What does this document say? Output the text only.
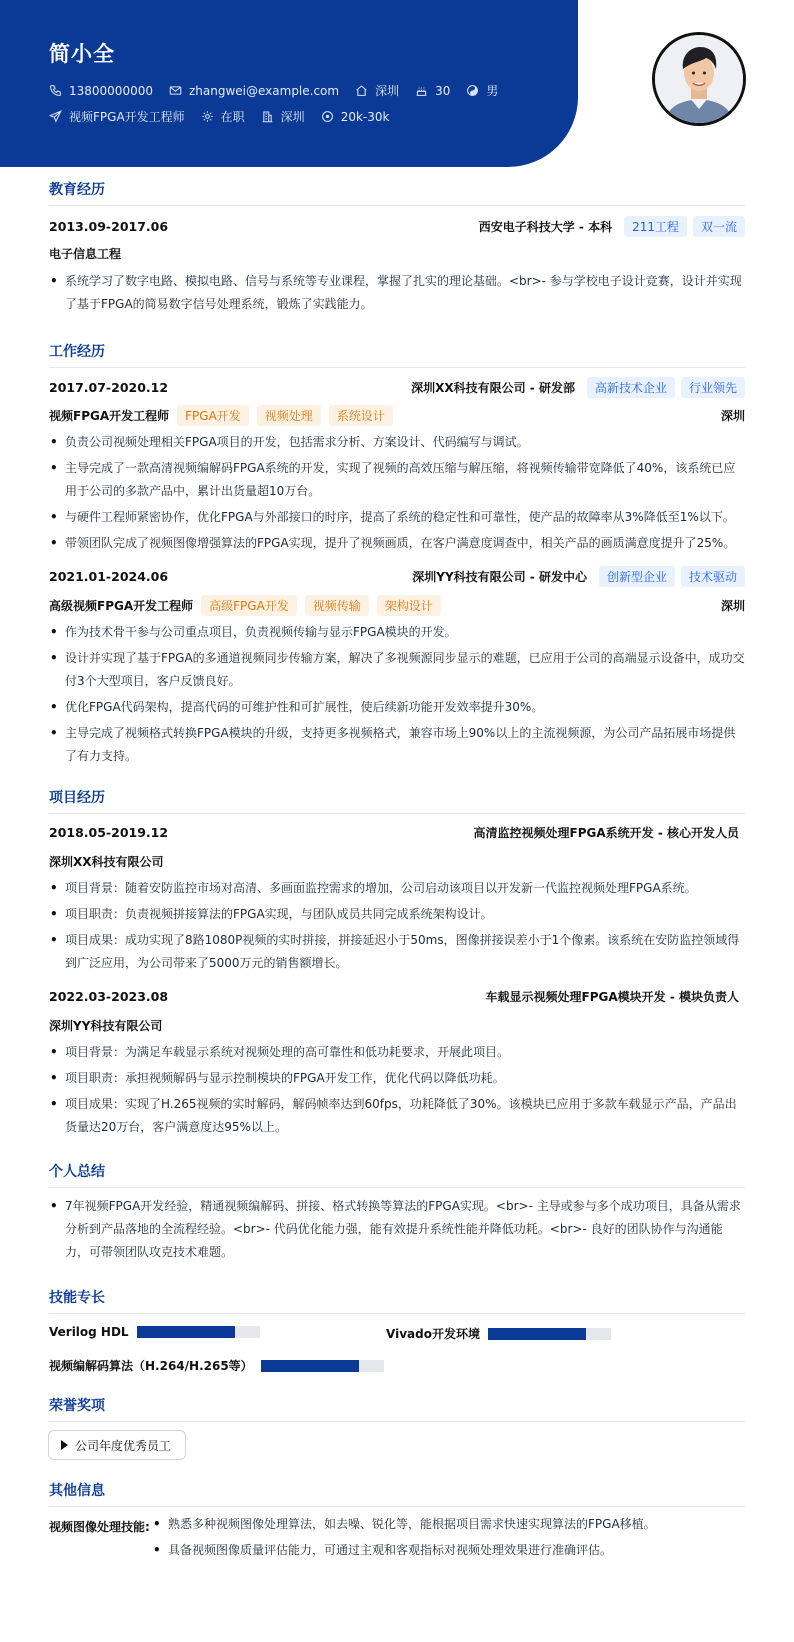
简小全
13800000000	zhangwei@example.com	深圳	30	男
视频FPGA开发工程师	在职	深圳	20k-30k
教育经历
2013.09-2017.06	西安电子科技大学 - 本科	211工程	双一流
电子信息工程
• 系统学习了数字电路、模拟电路、信号与系统等专业课程，掌握了扎实的理论基础。<br>- 参与学校电子设计竞赛，设计并实现了基于FPGA的简易数字信号处理系统，锻炼了实践能力。
工作经历
2017.07-2020.12	深圳XX科技有限公司 - 研发部	高新技术企业	行业领先
视频FPGA开发工程师	FPGA开发	视频处理	系统设计	深圳
• 负责公司视频处理相关FPGA项目的开发，包括需求分析、方案设计、代码编写与调试。
• 主导完成了一款高清视频编解码FPGA系统的开发，实现了视频的高效压缩与解压缩，将视频传输带宽降低了40%，该系统已应用于公司的多款产品中，累计出货量超10万台。
• 与硬件工程师紧密协作，优化FPGA与外部接口的时序，提高了系统的稳定性和可靠性，使产品的故障率从3%降低至1%以下。
• 带领团队完成了视频图像增强算法的FPGA实现，提升了视频画质，在客户满意度调查中，相关产品的画质满意度提升了25%。
2021.01-2024.06	深圳YY科技有限公司 - 研发中心	创新型企业	技术驱动
高级视频FPGA开发工程师	高级FPGA开发	视频传输	架构设计	深圳
• 作为技术骨干参与公司重点项目，负责视频传输与显示FPGA模块的开发。
• 设计并实现了基于FPGA的多通道视频同步传输方案，解决了多视频源同步显示的难题，已应用于公司的高端显示设备中，成功交付3个大型项目，客户反馈良好。
• 优化FPGA代码架构，提高代码的可维护性和可扩展性，使后续新功能开发效率提升30%。
• 主导完成了视频格式转换FPGA模块的升级，支持更多视频格式，兼容市场上90%以上的主流视频源，为公司产品拓展市场提供了有力支持。
项目经历
2018.05-2019.12	高清监控视频处理FPGA系统开发 - 核心开发人员
深圳XX科技有限公司
• 项目背景：随着安防监控市场对高清、多画面监控需求的增加，公司启动该项目以开发新一代监控视频处理FPGA系统。
• 项目职责：负责视频拼接算法的FPGA实现，与团队成员共同完成系统架构设计。
• 项目成果：成功实现了8路1080P视频的实时拼接，拼接延迟小于50ms，图像拼接误差小于1个像素。该系统在安防监控领域得到广泛应用，为公司带来了5000万元的销售额增长。
2022.03-2023.08	车载显示视频处理FPGA模块开发 - 模块负责人
深圳YY科技有限公司
• 项目背景：为满足车载显示系统对视频处理的高可靠性和低功耗要求，开展此项目。
• 项目职责：承担视频解码与显示控制模块的FPGA开发工作，优化代码以降低功耗。
• 项目成果：实现了H.265视频的实时解码，解码帧率达到60fps，功耗降低了30%。该模块已应用于多款车载显示产品，产品出货量达20万台，客户满意度达95%以上。
个人总结
• 7年视频FPGA开发经验，精通视频编解码、拼接、格式转换等算法的FPGA实现。<br>- 主导或参与多个成功项目，具备从需求分析到产品落地的全流程经验。<br>- 代码优化能力强，能有效提升系统性能并降低功耗。<br>- 良好的团队协作与沟通能力，可带领团队攻克技术难题。
技能专长
Verilog HDL	Vivado开发环境
视频编解码算法（H.264/H.265等）
荣誉奖项
公司年度优秀员工
其他信息
视频图像处理技能:
•	熟悉多种视频图像处理算法，如去噪、锐化等，能根据项目需求快速实现算法的FPGA移植。
• 具备视频图像质量评估能力，可通过主观和客观指标对视频处理效果进行准确评估。
